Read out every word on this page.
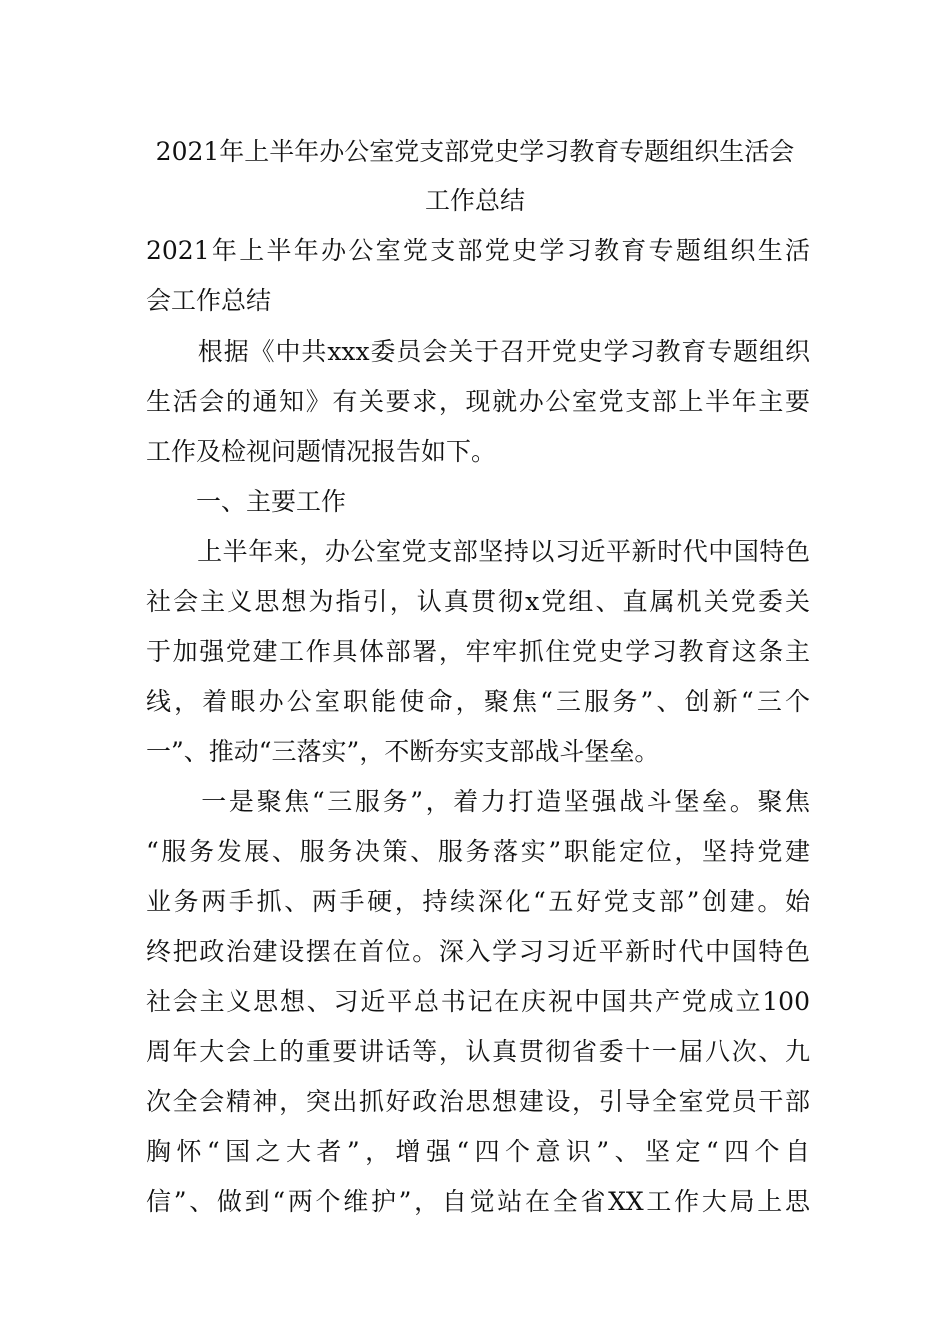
2021年上半年办公室党支部党史学习教育专题组织生活会
工作总结
2021年上半年办公室党支部党史学习教育专题组织生活
会工作总结
　　根据《中共xxx委员会关于召开党史学习教育专题组织
生活会的通知》有关要求，现就办公室党支部上半年主要
工作及检视问题情况报告如下。
　　一、主要工作
　　上半年来，办公室党支部坚持以习近平新时代中国特色
社会主义思想为指引，认真贯彻x党组、直属机关党委关
于加强党建工作具体部署，牢牢抓住党史学习教育这条主
线，着眼办公室职能使命，聚焦“三服务”、创新“三个
一”、推动“三落实”，不断夯实支部战斗堡垒。
　　一是聚焦“三服务”，着力打造坚强战斗堡垒。聚焦
“服务发展、服务决策、服务落实”职能定位，坚持党建
业务两手抓、两手硬，持续深化“五好党支部”创建。始
终把政治建设摆在首位。深入学习习近平新时代中国特色
社会主义思想、习近平总书记在庆祝中国共产党成立100
周年大会上的重要讲话等，认真贯彻省委十一届八次、九
次全会精神，突出抓好政治思想建设，引导全室党员干部
胸怀“国之大者”，增强“四个意识”、坚定“四个自
信”、做到“两个维护”，自觉站在全省XX工作大局上思
